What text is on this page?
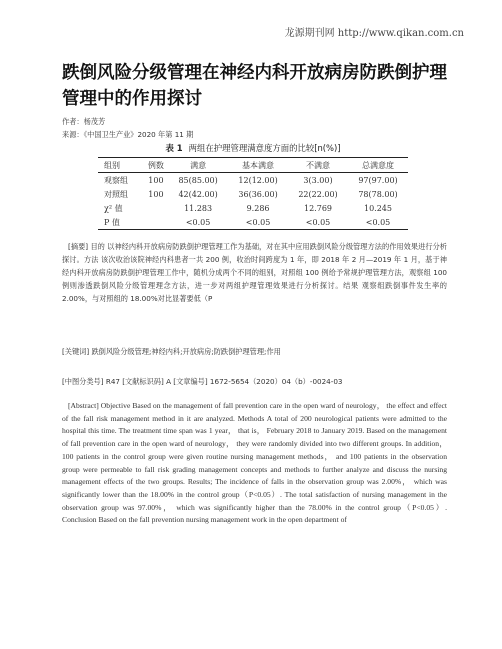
龙源期刊网 http://www.qikan.com.cn
跌倒风险分级管理在神经内科开放病房防跌倒护理管理中的作用探讨
作者：杨茂芳
来源：《中国卫生产业》2020 年第 11 期
表 1 两组在护理管理满意度方面的比较[n(%)]
组别	例数	满意	基本满意	不满意	总满意度
观察组	100	85(85.00)	12(12.00)	3(3.00)	97(97.00)
对照组	100	42(42.00)	36(36.00)	22(22.00)	78(78.00)
χ² 值		11.283	9.286	12.769	10.245
P 值		<0.05	<0.05	<0.05	<0.05

[摘要] 目的 以神经内科开放病房防跌倒护理管理工作为基础，对在其中应用跌倒风险分级管理方法的作用效果进行分析探讨。方法 该次收治该院神经内科患者一共 200 例，收治时间跨度为 1 年，即 2018 年 2 月—2019 年 1 月，基于神经内科开放病房防跌倒护理管理工作中，随机分成两个不同的组别，对照组 100 例给予常规护理管理方法，观察组 100 例则渗透跌倒风险分级管理理念方法，进一步对两组护理管理效果进行分析探讨。结果 观察组跌倒事件发生率的 2.00%，与对照组的 18.00%对比显著要低（P

[关键词] 跌倒风险分级管理;神经内科;开放病房;防跌倒护理管理;作用

[中图分类号] R47 [文献标识码] A [文章编号] 1672-5654（2020）04（b）-0024-03

[Abstract] Objective Based on the management of fall prevention care in the open ward of neurology， the effect and effect of the fall risk management method in it are analyzed. Methods A total of 200 neurological patients were admitted to the hospital this time. The treatment time span was 1 year， that is， February 2018 to January 2019. Based on the management of fall prevention care in the open ward of neurology， they were randomly divided into two different groups. In addition， 100 patients in the control group were given routine nursing management methods， and 100 patients in the observation group were permeable to fall risk grading management concepts and methods to further analyze and discuss the nursing management effects of the two groups. Results; The incidence of falls in the observation group was 2.00%， which was significantly lower than the 18.00% in the control group（P<0.05）. The total satisfaction of nursing management in the observation group was 97.00%， which was significantly higher than the 78.00% in the control group（P<0.05）. Conclusion Based on the fall prevention nursing management work in the open department of
